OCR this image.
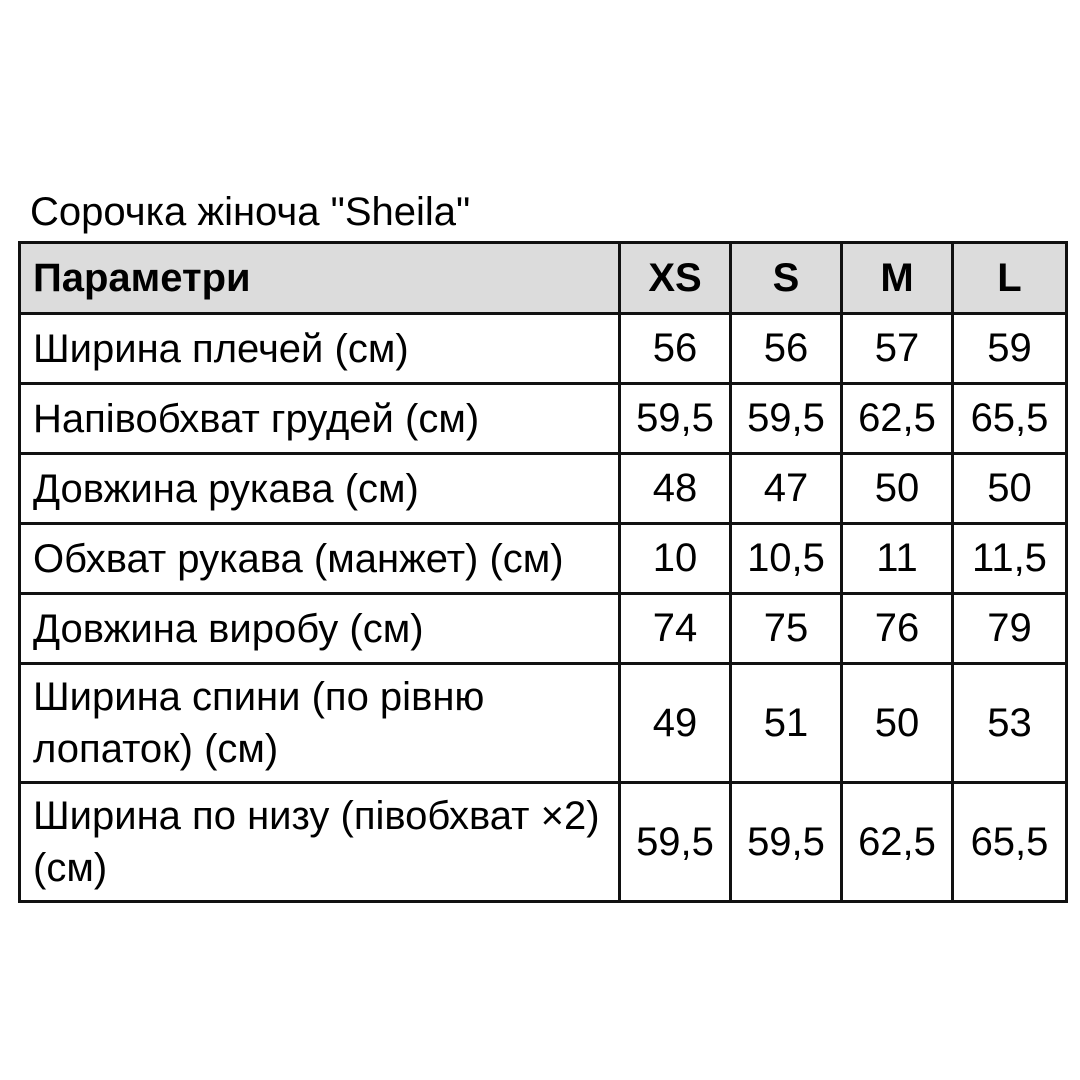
Сорочка жіноча "Sheila"
Параметри	XS	S	M	L
Ширина плечей (см)	56	56	57	59
Напівобхват грудей (см)	59,5	59,5	62,5	65,5
Довжина рукава (см)	48	47	50	50
Обхват рукава (манжет) (см)	10	10,5	11	11,5
Довжина виробу (см)	74	75	76	79
Ширина спини (по рівню лопаток) (см)	49	51	50	53
Ширина по низу (півобхват ×2) (см)	59,5	59,5	62,5	65,5
